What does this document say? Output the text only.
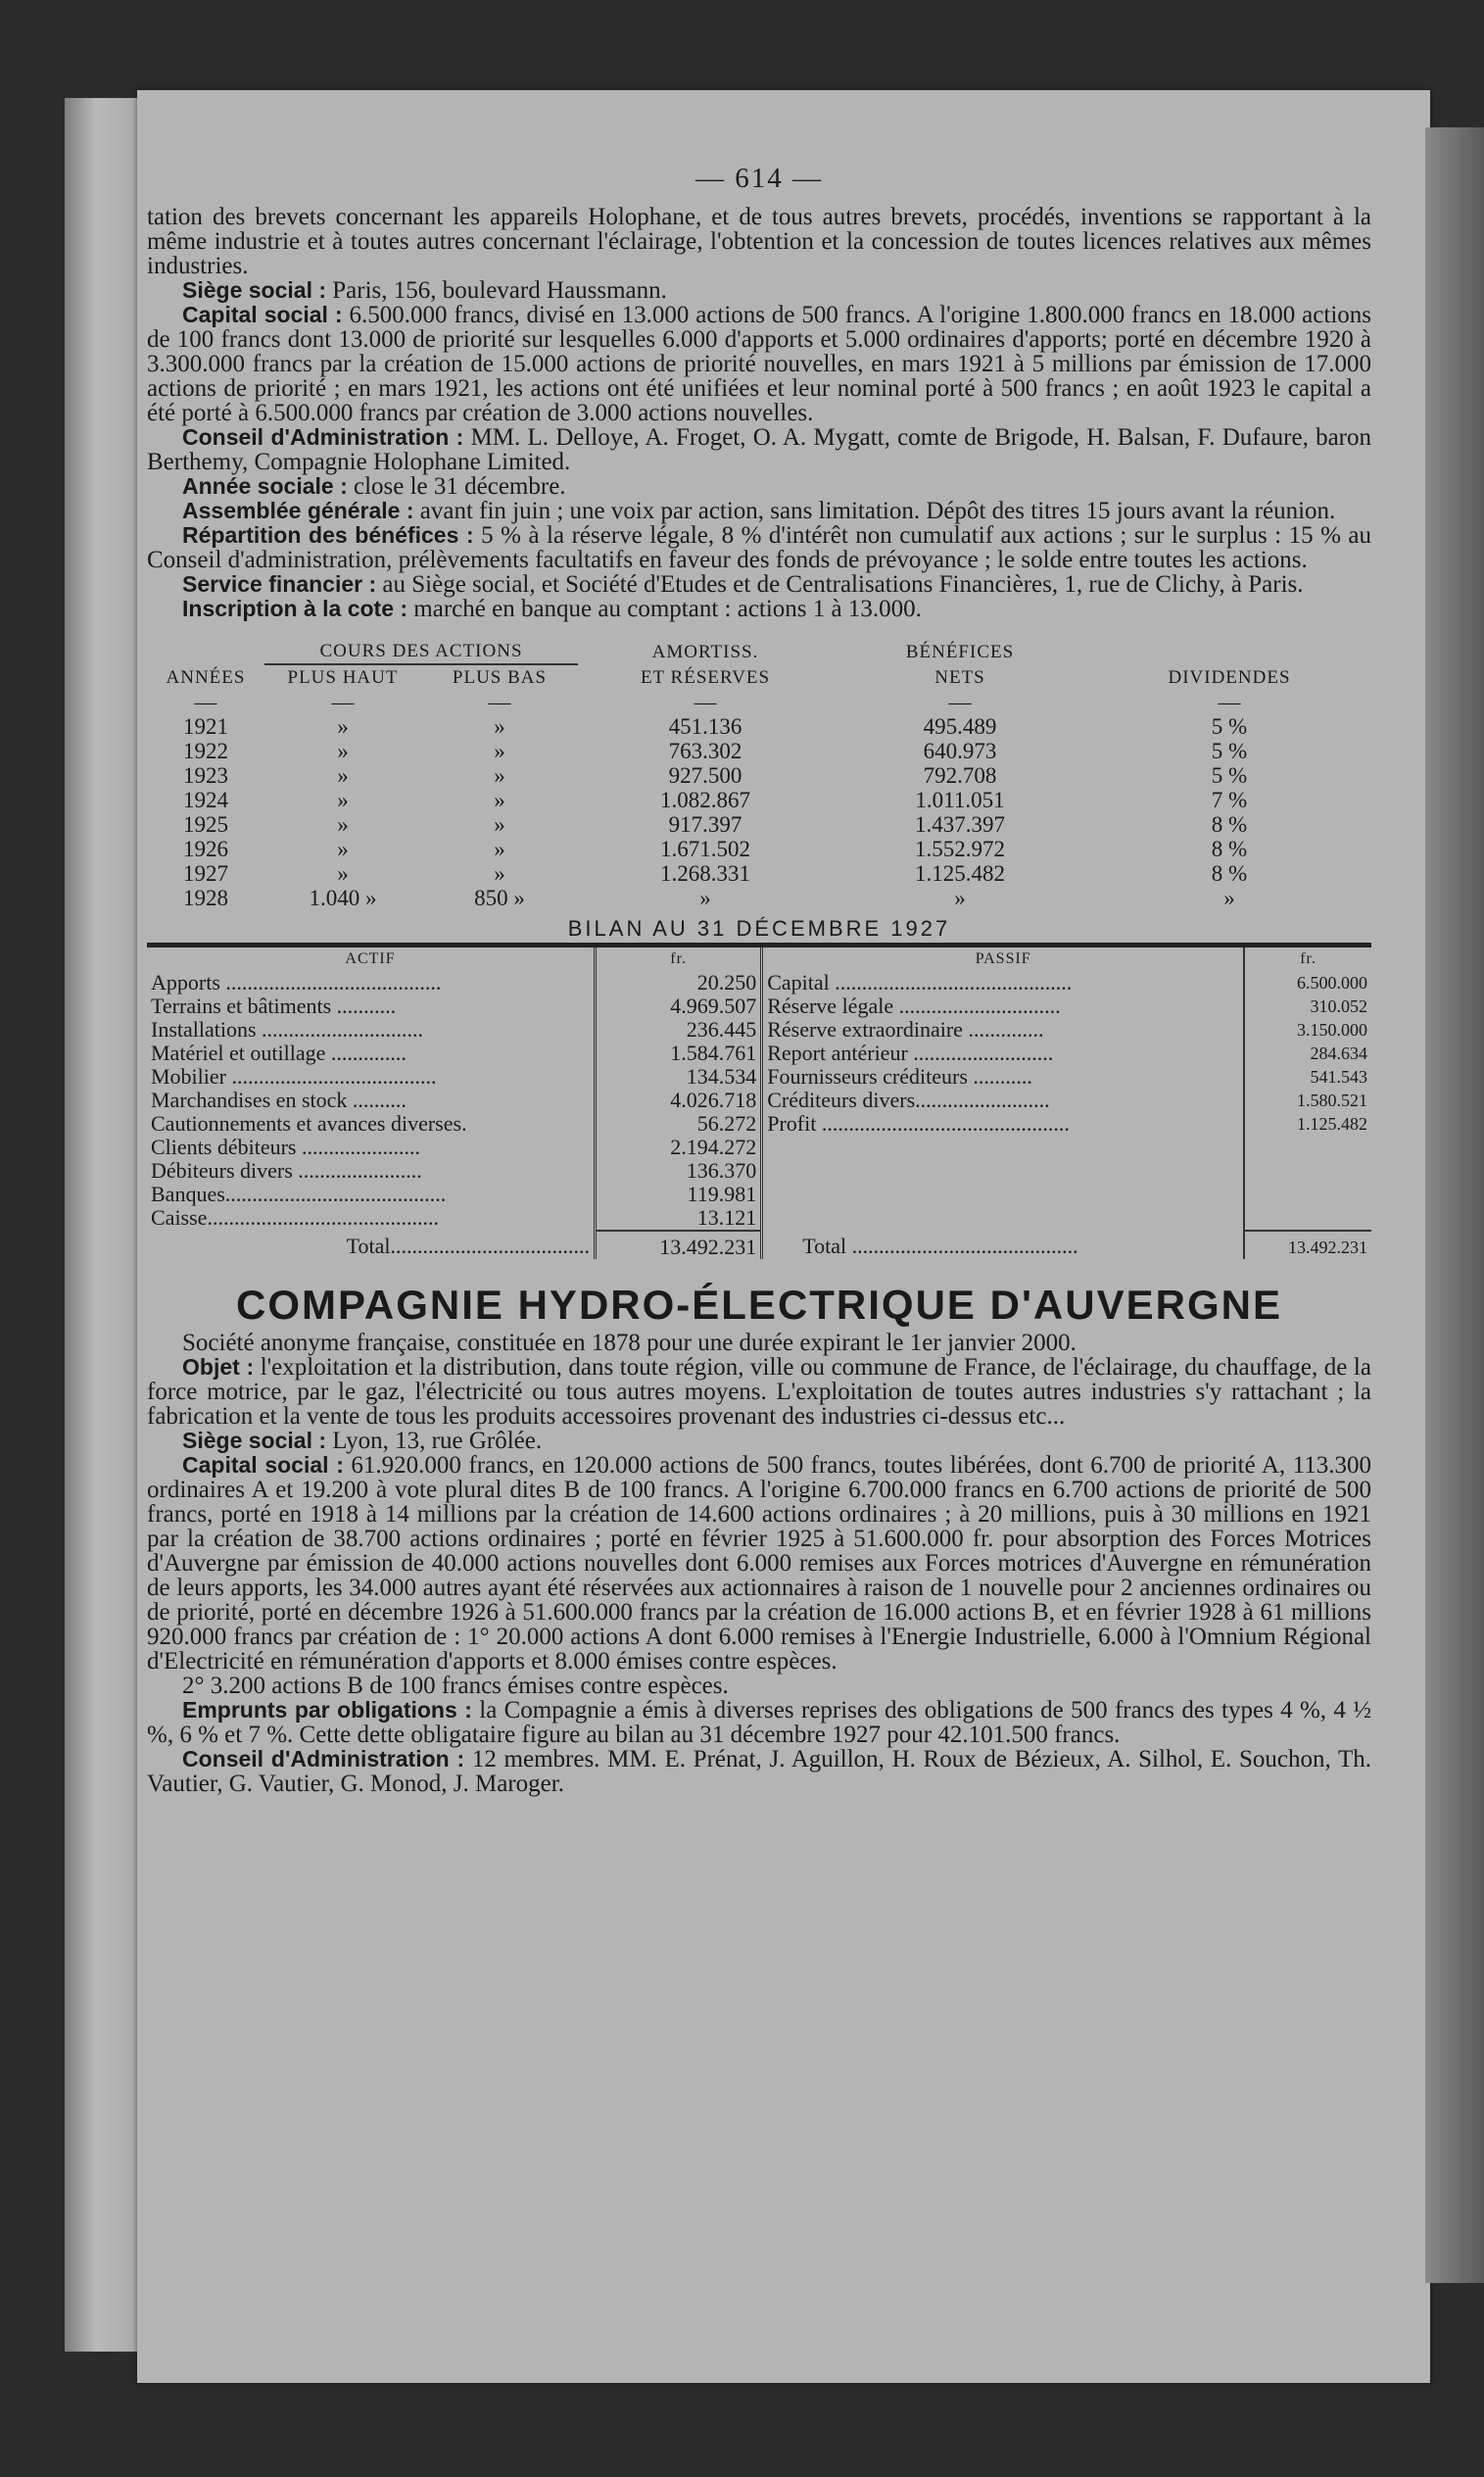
— 614 —

tation des brevets concernant les appareils Holophane, et de tous autres brevets, procédés, inventions se rapportant à la même industrie et à toutes autres concernant l'éclairage, l'obtention et la concession de toutes licences relatives aux mêmes industries.

Siège social : Paris, 156, boulevard Haussmann.

Capital social : 6.500.000 francs, divisé en 13.000 actions de 500 francs. A l'origine 1.800.000 francs en 18.000 actions de 100 francs dont 13.000 de priorité sur lesquelles 6.000 d'apports et 5.000 ordinaires d'apports; porté en décembre 1920 à 3.300.000 francs par la création de 15.000 actions de priorité nouvelles, en mars 1921 à 5 millions par émission de 17.000 actions de priorité ; en mars 1921, les actions ont été unifiées et leur nominal porté à 500 francs ; en août 1923 le capital a été porté à 6.500.000 francs par création de 3.000 actions nouvelles.

Conseil d'Administration : MM. L. Delloye, A. Froget, O. A. Mygatt, comte de Brigode, H. Balsan, F. Dufaure, baron Berthemy, Compagnie Holophane Limited.

Année sociale : close le 31 décembre.

Assemblée générale : avant fin juin ; une voix par action, sans limitation. Dépôt des titres 15 jours avant la réunion.

Répartition des bénéfices : 5 % à la réserve légale, 8 % d'intérêt non cumulatif aux actions ; sur le surplus : 15 % au Conseil d'administration, prélèvements facultatifs en faveur des fonds de prévoyance ; le solde entre toutes les actions.

Service financier : au Siège social, et Société d'Etudes et de Centralisations Financières, 1, rue de Clichy, à Paris.

Inscription à la cote : marché en banque au comptant : actions 1 à 13.000.

ANNÉES	COURS DES ACTIONS		AMORTISS.	BÉNÉFICES	DIVIDENDES
	PLUS HAUT	PLUS BAS	ET RÉSERVES	NETS	
—	—	—	—	—	—
1921	»	»	451.136	495.489	5 %
1922	»	»	763.302	640.973	5 %
1923	»	»	927.500	792.708	5 %
1924	»	»	1.082.867	1.011.051	7 %
1925	»	»	917.397	1.437.397	8 %
1926	»	»	1.671.502	1.552.972	8 %
1927	»	»	1.268.331	1.125.482	8 %
1928	1.040 »	850 »	»	»	»
BILAN AU 31 DÉCEMBRE 1927
ACTIF	fr.	PASSIF	fr.
Apports ........................................	20.250	Capital ............................................	6.500.000
Terrains et bâtiments ...........	4.969.507	Réserve légale ..............................	310.052
Installations ..............................	236.445	Réserve extraordinaire ..............	3.150.000
Matériel et outillage ..............	1.584.761	Report antérieur ..........................	284.634
Mobilier ......................................	134.534	Fournisseurs créditeurs ...........	541.543
Marchandises en stock ..........	4.026.718	Créditeurs divers.........................	1.580.521
Cautionnements et avances diverses.	56.272	Profit ..............................................	1.125.482
Clients débiteurs ......................	2.194.272		
Débiteurs divers .......................	136.370		
Banques.........................................	119.981		
Caisse...........................................	13.121		
Total.....................................	13.492.231	Total ..........................................	13.492.231
COMPAGNIE HYDRO-ÉLECTRIQUE D'AUVERGNE

Société anonyme française, constituée en 1878 pour une durée expirant le 1er janvier 2000.

Objet : l'exploitation et la distribution, dans toute région, ville ou commune de France, de l'éclairage, du chauffage, de la force motrice, par le gaz, l'électricité ou tous autres moyens. L'exploitation de toutes autres industries s'y rattachant ; la fabrication et la vente de tous les produits accessoires provenant des industries ci-dessus etc...

Siège social : Lyon, 13, rue Grôlée.

Capital social : 61.920.000 francs, en 120.000 actions de 500 francs, toutes libérées, dont 6.700 de priorité A, 113.300 ordinaires A et 19.200 à vote plural dites B de 100 francs. A l'origine 6.700.000 francs en 6.700 actions de priorité de 500 francs, porté en 1918 à 14 millions par la création de 14.600 actions ordinaires ; à 20 millions, puis à 30 millions en 1921 par la création de 38.700 actions ordinaires ; porté en février 1925 à 51.600.000 fr. pour absorption des Forces Motrices d'Auvergne par émission de 40.000 actions nouvelles dont 6.000 remises aux Forces motrices d'Auvergne en rémunération de leurs apports, les 34.000 autres ayant été réservées aux actionnaires à raison de 1 nouvelle pour 2 anciennes ordinaires ou de priorité, porté en décembre 1926 à 51.600.000 francs par la création de 16.000 actions B, et en février 1928 à 61 millions 920.000 francs par création de : 1° 20.000 actions A dont 6.000 remises à l'Energie Industrielle, 6.000 à l'Omnium Régional d'Electricité en rémunération d'apports et 8.000 émises contre espèces.

2° 3.200 actions B de 100 francs émises contre espèces.

Emprunts par obligations : la Compagnie a émis à diverses reprises des obligations de 500 francs des types 4 %, 4 ½ %, 6 % et 7 %. Cette dette obligataire figure au bilan au 31 décembre 1927 pour 42.101.500 francs.

Conseil d'Administration : 12 membres. MM. E. Prénat, J. Aguillon, H. Roux de Bézieux, A. Silhol, E. Souchon, Th. Vautier, G. Vautier, G. Monod, J. Maroger.
